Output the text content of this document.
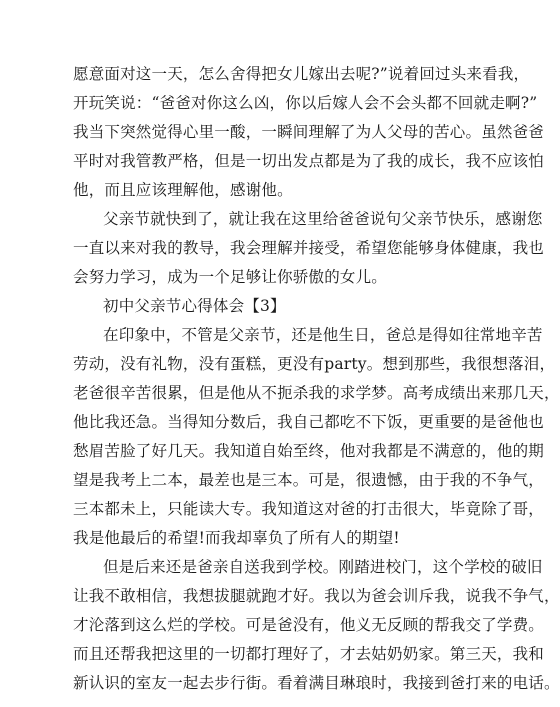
愿意面对这一天，怎么舍得把女儿嫁出去呢?”说着回过头来看我，
开玩笑说：“爸爸对你这么凶，你以后嫁人会不会头都不回就走啊?”
我当下突然觉得心里一酸，一瞬间理解了为人父母的苦心。虽然爸爸
平时对我管教严格，但是一切出发点都是为了我的成长，我不应该怕
他，而且应该理解他，感谢他。
父亲节就快到了，就让我在这里给爸爸说句父亲节快乐，感谢您
一直以来对我的教导，我会理解并接受，希望您能够身体健康，我也
会努力学习，成为一个足够让你骄傲的女儿。
初中父亲节心得体会【3】
在印象中，不管是父亲节，还是他生日，爸总是得如往常地辛苦
劳动，没有礼物，没有蛋糕，更没有party。想到那些，我很想落泪，
老爸很辛苦很累，但是他从不扼杀我的求学梦。高考成绩出来那几天，
他比我还急。当得知分数后，我自己都吃不下饭，更重要的是爸他也
愁眉苦脸了好几天。我知道自始至终，他对我都是不满意的，他的期
望是我考上二本，最差也是三本。可是，很遗憾，由于我的不争气，
三本都未上，只能读大专。我知道这对爸的打击很大，毕竟除了哥，
我是他最后的希望!而我却辜负了所有人的期望!
但是后来还是爸亲自送我到学校。刚踏进校门，这个学校的破旧
让我不敢相信，我想拔腿就跑才好。我以为爸会训斥我，说我不争气，
才沦落到这么烂的学校。可是爸没有，他义无反顾的帮我交了学费。
而且还帮我把这里的一切都打理好了，才去姑奶奶家。第三天，我和
新认识的室友一起去步行街。看着满目琳琅时，我接到爸打来的电话。
